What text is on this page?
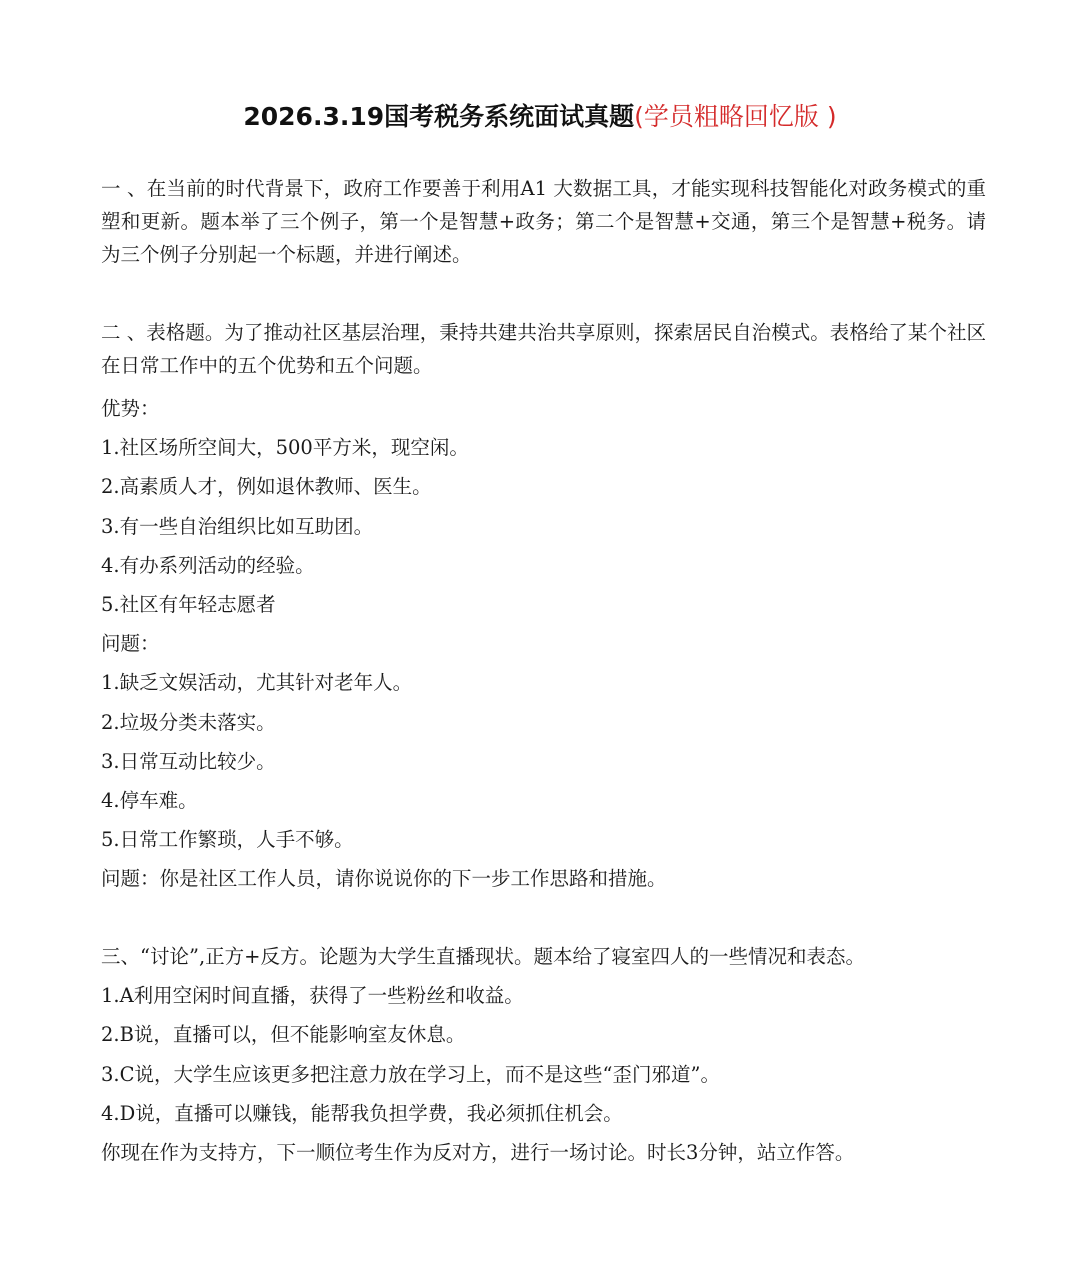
2026.3.19国考税务系统面试真题(学员粗略回忆版 )

一 、在当前的时代背景下，政府工作要善于利用A1 大数据工具，才能实现科技智能化对政务模式的重塑和更新。题本举了三个例子，第一个是智慧+政务；第二个是智慧+交通，第三个是智慧+税务。请为三个例子分别起一个标题，并进行阐述。

二 、表格题。为了推动社区基层治理，秉持共建共治共享原则，探索居民自治模式。表格给了某个社区在日常工作中的五个优势和五个问题。

优势：
1.社区场所空间大，500平方米，现空闲。
2.高素质人才，例如退休教师、医生。
3.有一些自治组织比如互助团。
4.有办系列活动的经验。
5.社区有年轻志愿者
问题：
1.缺乏文娱活动，尤其针对老年人。
2.垃圾分类未落实。
3.日常互动比较少。
4.停车难。
5.日常工作繁琐，人手不够。
问题：你是社区工作人员，请你说说你的下一步工作思路和措施。
三、“讨论”,正方+反方。论题为大学生直播现状。题本给了寝室四人的一些情况和表态。
1.A利用空闲时间直播，获得了一些粉丝和收益。
2.B说，直播可以，但不能影响室友休息。
3.C说，大学生应该更多把注意力放在学习上，而不是这些“歪门邪道”。
4.D说，直播可以赚钱，能帮我负担学费，我必须抓住机会。
你现在作为支持方，下一顺位考生作为反对方，进行一场讨论。时长3分钟，站立作答。
